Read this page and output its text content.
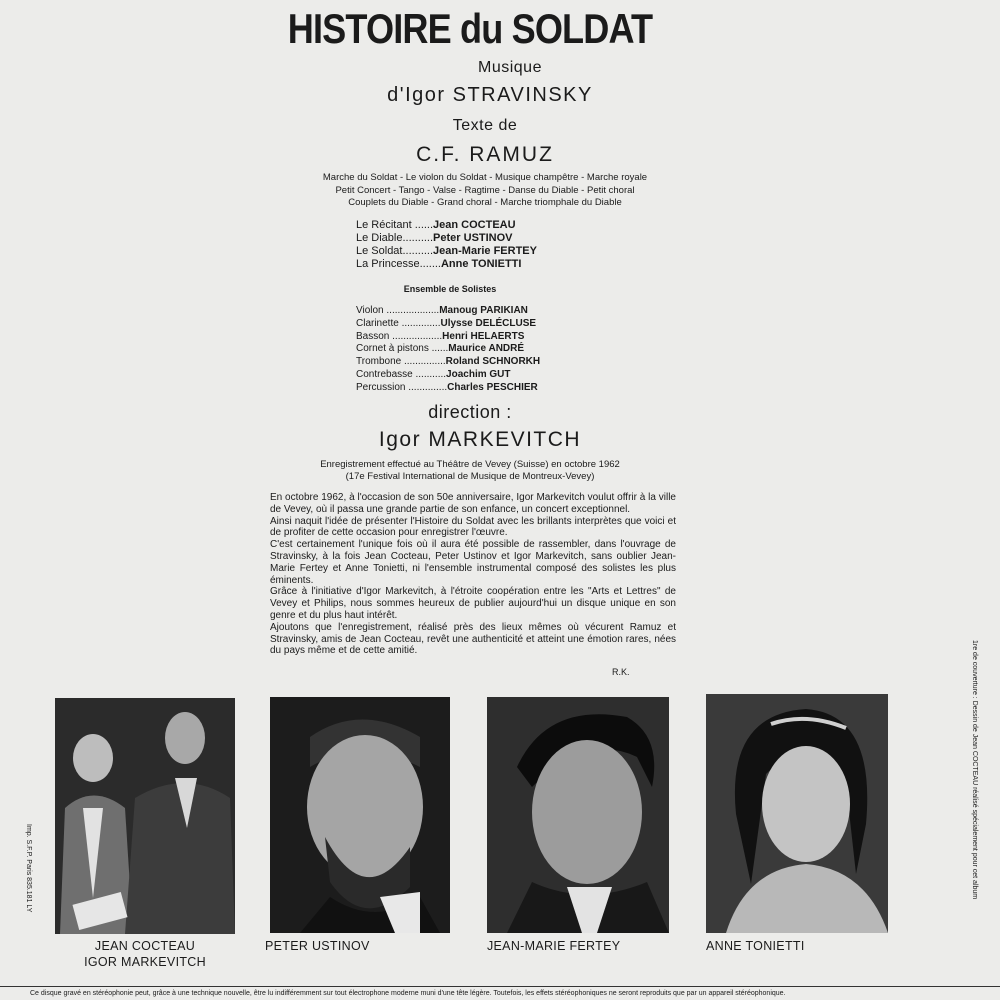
HISTOIRE du SOLDAT
Musique
d'Igor STRAVINSKY
Texte de
C.F. RAMUZ
Marche du Soldat - Le violon du Soldat - Musique champêtre - Marche royale
Petit Concert - Tango - Valse - Ragtime - Danse du Diable - Petit choral
Couplets du Diable - Grand choral - Marche triomphale du Diable
Le Récitant ......Jean COCTEAU
Le Diable..........Peter USTINOV
Le Soldat..........Jean-Marie FERTEY
La Princesse.......Anne TONIETTI
Ensemble de Solistes
Violon ...................Manoug PARIKIAN
Clarinette ..............Ulysse DELÉCLUSE
Basson ..................Henri HELAERTS
Cornet à pistons ......Maurice ANDRÉ
Trombone ...............Roland SCHNORKH
Contrebasse ...........Joachim GUT
Percussion ..............Charles PESCHIER
direction :
Igor MARKEVITCH
Enregistrement effectué au Théâtre de Vevey (Suisse) en octobre 1962
(17e Festival International de Musique de Montreux-Vevey)

En octobre 1962, à l'occasion de son 50e anniversaire, Igor Markevitch voulut offrir à la ville de Vevey, où il passa une grande partie de son enfance, un concert exceptionnel.

Ainsi naquit l'idée de présenter l'Histoire du Soldat avec les brillants interprètes que voici et de profiter de cette occasion pour enregistrer l'œuvre.

C'est certainement l'unique fois où il aura été possible de rassembler, dans l'ouvrage de Stravinsky, à la fois Jean Cocteau, Peter Ustinov et Igor Markevitch, sans oublier Jean-Marie Fertey et Anne Tonietti, ni l'ensemble instrumental composé des solistes les plus éminents.

Grâce à l'initiative d'Igor Markevitch, à l'étroite coopération entre les "Arts et Lettres" de Vevey et Philips, nous sommes heureux de publier aujourd'hui un disque unique en son genre et du plus haut intérêt.

Ajoutons que l'enregistrement, réalisé près des lieux mêmes où vécurent Ramuz et Stravinsky, amis de Jean Cocteau, revêt une authenticité et atteint une émotion rares, nées du pays même et de cette amitié.

R.K.
JEAN COCTEAU
IGOR MARKEVITCH
PETER USTINOV	JEAN-MARIE FERTEY	ANNE TONIETTI
Imp. S.F.P. Paris 835.181 LY	1re de couverture : Dessin de Jean COCTEAU réalisé spécialement pour cet album
Ce disque gravé en stéréophonie peut, grâce à une technique nouvelle, être lu indifféremment sur tout électrophone moderne muni d'une tête légère. Toutefois, les effets stéréophoniques ne seront reproduits que par un appareil stéréophonique.
